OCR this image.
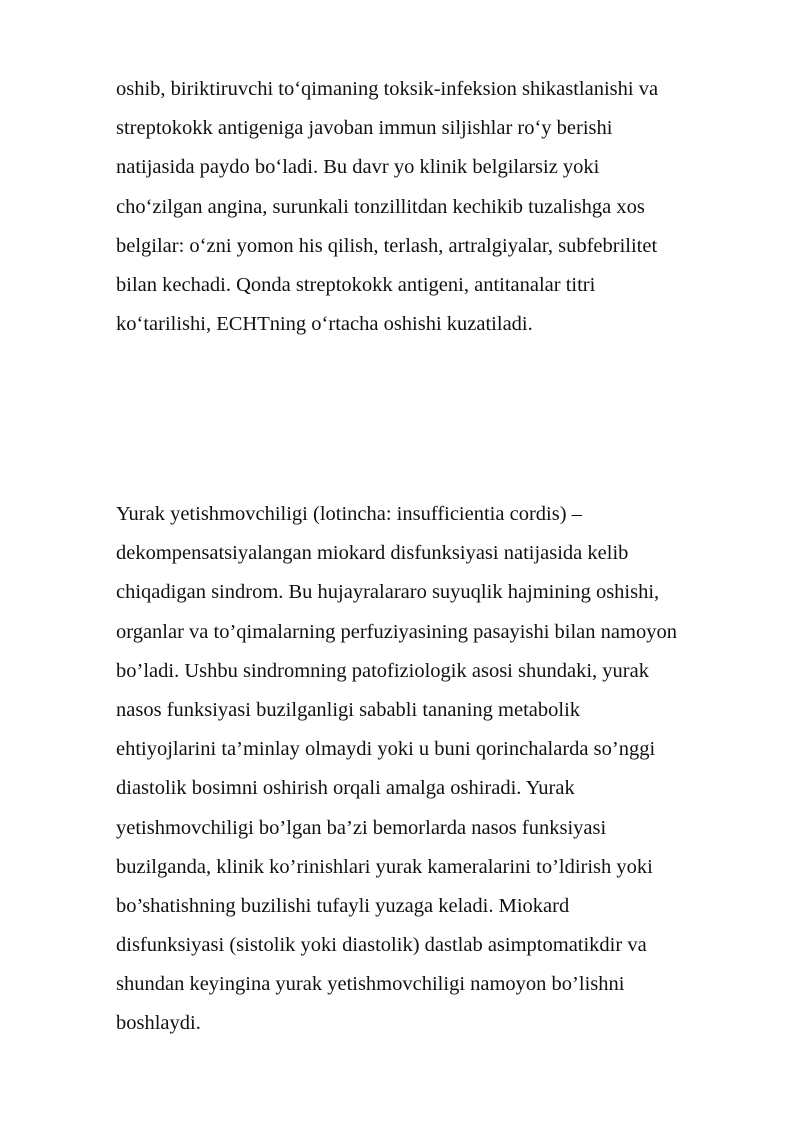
oshib, biriktiruvchi to‘qimaning toksik-infeksion shikastlanishi va
streptokokk antigeniga javoban immun siljishlar ro‘y berishi
natijasida paydo bo‘ladi. Bu davr yo klinik belgilarsiz yoki
cho‘zilgan angina, surunkali tonzillitdan kechikib tuzalishga xos
belgilar: o‘zni yomon his qilish, terlash, artralgiyalar, subfebrilitet
bilan kechadi. Qonda streptokokk antigeni, antitanalar titri
ko‘tarilishi, ECHTning o‘rtacha oshishi kuzatiladi.

Yurak yetishmovchiligi (lotincha: insufficientia cordis) –
dekompensatsiyalangan miokard disfunksiyasi natijasida kelib
chiqadigan sindrom. Bu hujayralararo suyuqlik hajmining oshishi,
organlar va to’qimalarning perfuziyasining pasayishi bilan namoyon
bo’ladi. Ushbu sindromning patofiziologik asosi shundaki, yurak
nasos funksiyasi buzilganligi sababli tananing metabolik
ehtiyojlarini ta’minlay olmaydi yoki u buni qorinchalarda so’nggi
diastolik bosimni oshirish orqali amalga oshiradi. Yurak
yetishmovchiligi bo’lgan ba’zi bemorlarda nasos funksiyasi
buzilganda, klinik ko’rinishlari yurak kameralarini to’ldirish yoki
bo’shatishning buzilishi tufayli yuzaga keladi. Miokard
disfunksiyasi (sistolik yoki diastolik) dastlab asimptomatikdir va
shundan keyingina yurak yetishmovchiligi namoyon bo’lishni
boshlaydi.
